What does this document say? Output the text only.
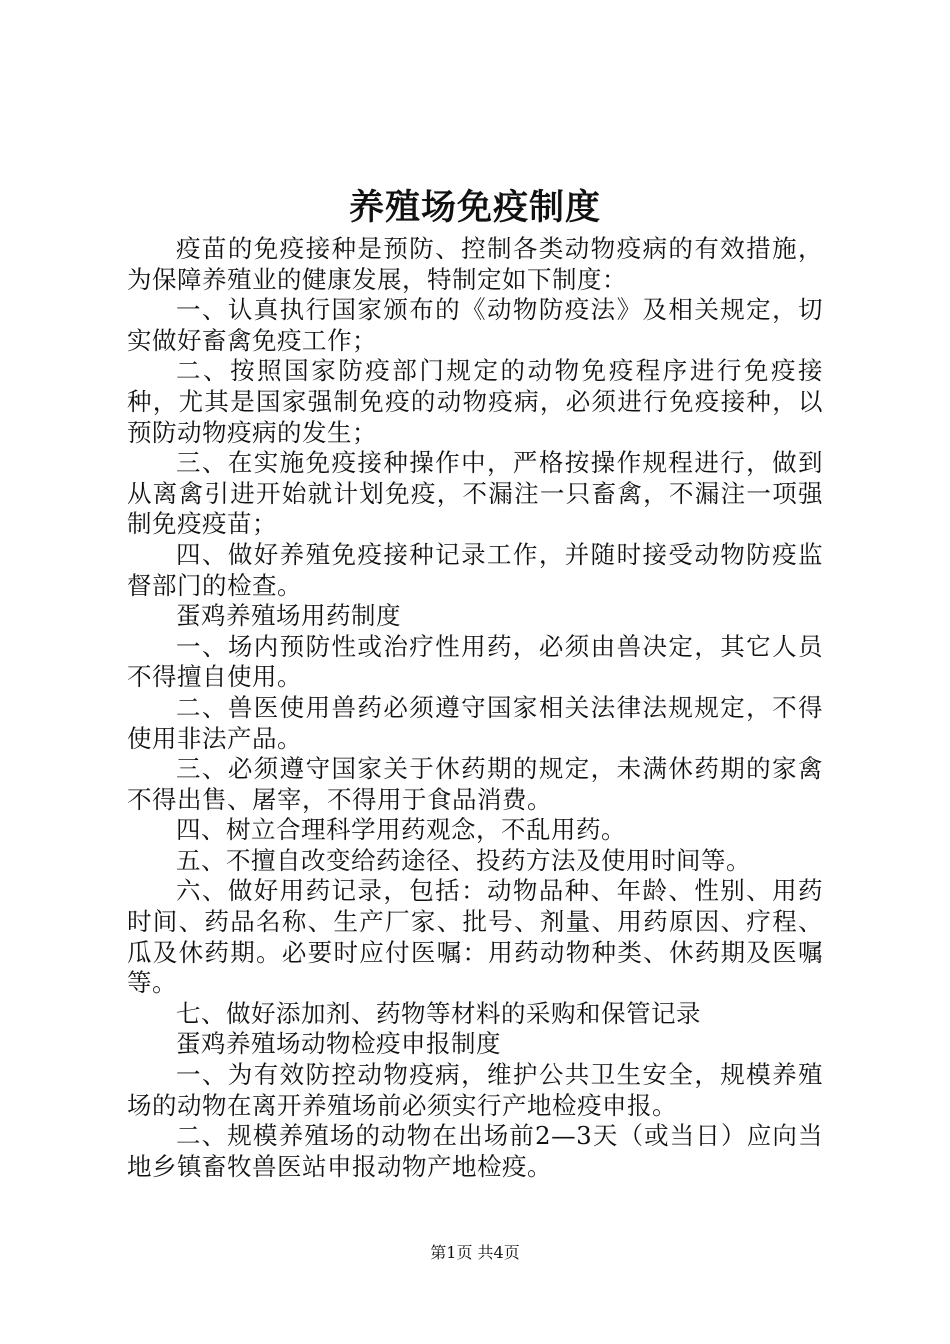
养殖场免疫制度

疫苗的免疫接种是预防、控制各类动物疫病的有效措施，为保障养殖业的健康发展，特制定如下制度：

一、认真执行国家颁布的《动物防疫法》及相关规定，切实做好畜禽免疫工作；

二、按照国家防疫部门规定的动物免疫程序进行免疫接种，尤其是国家强制免疫的动物疫病，必须进行免疫接种，以预防动物疫病的发生；

三、在实施免疫接种操作中，严格按操作规程进行，做到从离禽引进开始就计划免疫，不漏注一只畜禽，不漏注一项强制免疫疫苗；

四、做好养殖免疫接种记录工作，并随时接受动物防疫监督部门的检查。

蛋鸡养殖场用药制度

一、场内预防性或治疗性用药，必须由兽决定，其它人员不得擅自使用。

二、兽医使用兽药必须遵守国家相关法律法规规定，不得使用非法产品。

三、必须遵守国家关于休药期的规定，未满休药期的家禽不得出售、屠宰，不得用于食品消费。

四、树立合理科学用药观念，不乱用药。

五、不擅自改变给药途径、投药方法及使用时间等。

六、做好用药记录，包括：动物品种、年龄、性别、用药时间、药品名称、生产厂家、批号、剂量、用药原因、疗程、瓜及休药期。必要时应付医嘱：用药动物种类、休药期及医嘱等。

七、做好添加剂、药物等材料的采购和保管记录

蛋鸡养殖场动物检疫申报制度

一、为有效防控动物疫病，维护公共卫生安全，规模养殖场的动物在离开养殖场前必须实行产地检疫申报。

二、规模养殖场的动物在出场前2—3天（或当日）应向当地乡镇畜牧兽医站申报动物产地检疫。

第1页 共4页
